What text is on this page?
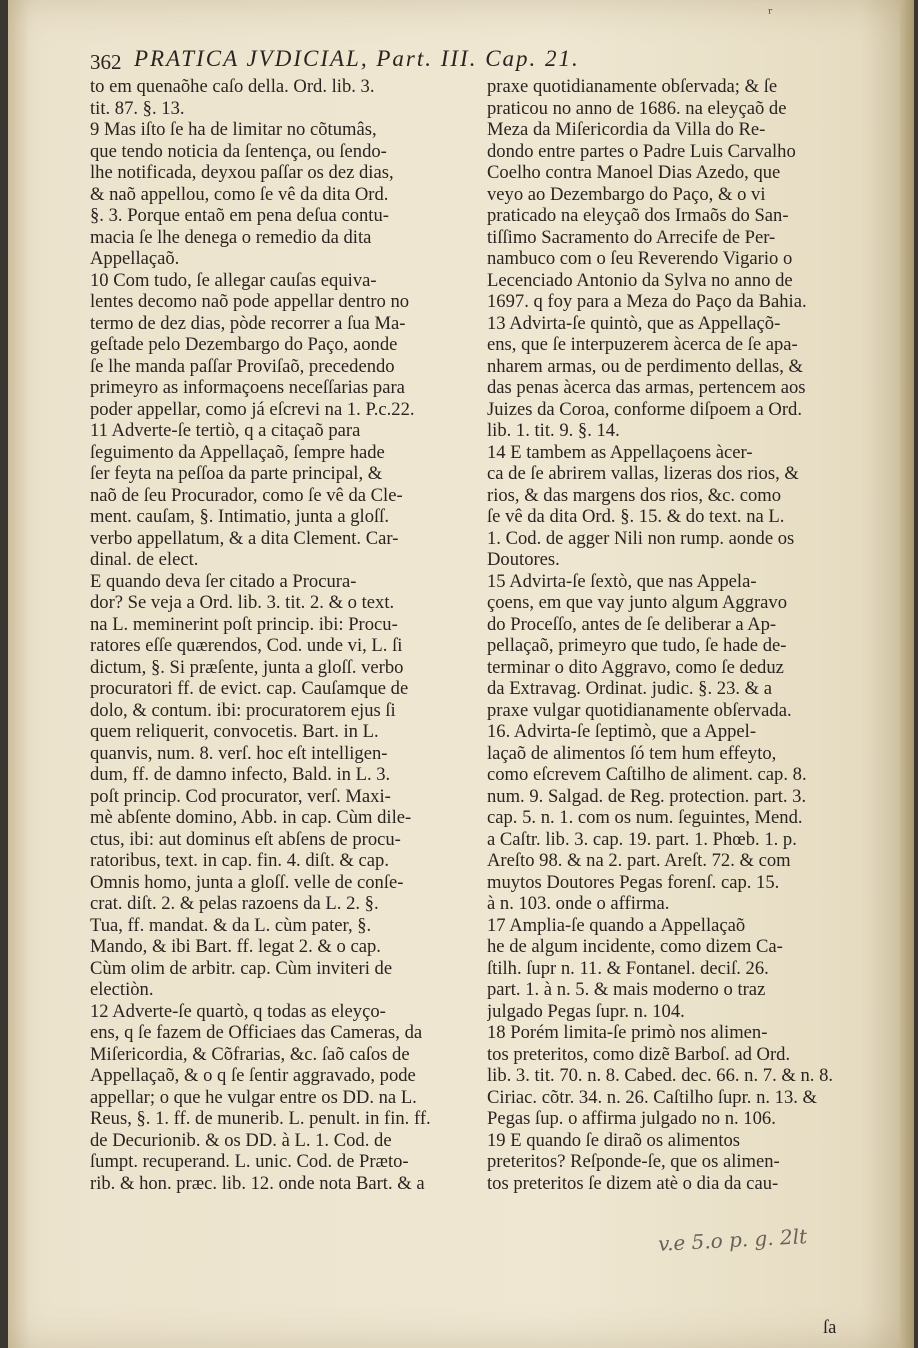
ʳ
362 PRATICA JVDICIAL, Part. III. Cap. 21.
to em quenaõhe caſo della. Ord. lib. 3.
tit. 87. §. 13.
9 Mas iſto ſe ha de limitar no cõtumâs,
que tendo noticia da ſentença, ou ſendo-
lhe notificada, deyxou paſſar os dez dias,
& naõ appellou, como ſe vê da dita Ord.
§. 3. Porque entaõ em pena deſua contu-
macia ſe lhe denega o remedio da dita
Appellaçaõ.
10 Com tudo, ſe allegar cauſas equiva-
lentes decomo naõ pode appellar dentro no
termo de dez dias, pòde recorrer a ſua Ma-
geſtade pelo Dezembargo do Paço, aonde
ſe lhe manda paſſar Proviſaõ, precedendo
primeyro as informaçoens neceſſarias para
poder appellar, como já eſcrevi na 1. P.c.22.
11 Adverte-ſe tertiò, q a citaçaõ para
ſeguimento da Appellaçaõ, ſempre hade
ſer feyta na peſſoa da parte principal, &
naõ de ſeu Procurador, como ſe vê da Cle-
ment. cauſam, §. Intimatio, junta a gloſſ.
verbo appellatum, & a dita Clement. Car-
dinal. de elect.
E quando deva ſer citado a Procura-
dor? Se veja a Ord. lib. 3. tit. 2. & o text.
na L. meminerint poſt princip. ibi: Procu-
ratores eſſe quærendos, Cod. unde vi, L. ſi
dictum, §. Si præſente, junta a gloſſ. verbo
procuratori ff. de evict. cap. Cauſamque de
dolo, & contum. ibi: procuratorem ejus ſi
quem reliquerit, convocetis. Bart. in L.
quanvis, num. 8. verſ. hoc eſt intelligen-
dum, ff. de damno infecto, Bald. in L. 3.
poſt princip. Cod procurator, verſ. Maxi-
mè abſente domino, Abb. in cap. Cùm dile-
ctus, ibi: aut dominus eſt abſens de procu-
ratoribus, text. in cap. fin. 4. diſt. & cap.
Omnis homo, junta a gloſſ. velle de conſe-
crat. diſt. 2. & pelas razoens da L. 2. §.
Tua, ff. mandat. & da L. cùm pater, §.
Mando, & ibi Bart. ff. legat 2. & o cap.
Cùm olim de arbitr. cap. Cùm inviteri de
electiòn.
12 Adverte-ſe quartò, q todas as eleyço-
ens, q ſe fazem de Officiaes das Cameras, da
Miſericordia, & Cõfrarias, &c. ſaõ caſos de
Appellaçaõ, & o q ſe ſentir aggravado, pode
appellar; o que he vulgar entre os DD. na L.
Reus, §. 1. ff. de munerib. L. penult. in fin. ff.
de Decurionib. & os DD. à L. 1. Cod. de
ſumpt. recuperand. L. unic. Cod. de Præto-
rib. & hon. præc. lib. 12. onde nota Bart. & a
praxe quotidianamente obſervada; & ſe
praticou no anno de 1686. na eleyçaõ de
Meza da Miſericordia da Villa do Re-
dondo entre partes o Padre Luis Carvalho
Coelho contra Manoel Dias Azedo, que
veyo ao Dezembargo do Paço, & o vi
praticado na eleyçaõ dos Irmaõs do San-
tiſſimo Sacramento do Arrecife de Per-
nambuco com o ſeu Reverendo Vigario o
Lecenciado Antonio da Sylva no anno de
1697. q foy para a Meza do Paço da Bahia.
13 Advirta-ſe quintò, que as Appellaçõ-
ens, que ſe interpuzerem àcerca de ſe apa-
nharem armas, ou de perdimento dellas, &
das penas àcerca das armas, pertencem aos
Juizes da Coroa, conforme diſpoem a Ord.
lib. 1. tit. 9. §. 14.
14 E tambem as Appellaçoens àcer-
ca de ſe abrirem vallas, lizeras dos rios, &
rios, & das margens dos rios, &c. como
ſe vê da dita Ord. §. 15. & do text. na L.
1. Cod. de agger Nili non rump. aonde os
Doutores.
15 Advirta-ſe ſextò, que nas Appela-
çoens, em que vay junto algum Aggravo
do Proceſſo, antes de ſe deliberar a Ap-
pellaçaõ, primeyro que tudo, ſe hade de-
terminar o dito Aggravo, como ſe deduz
da Extravag. Ordinat. judic. §. 23. & a
praxe vulgar quotidianamente obſervada.
16. Advirta-ſe ſeptimò, que a Appel-
laçaõ de alimentos ſó tem hum effeyto,
como eſcrevem Caſtilho de aliment. cap. 8.
num. 9. Salgad. de Reg. protection. part. 3.
cap. 5. n. 1. com os num. ſeguintes, Mend.
a Caſtr. lib. 3. cap. 19. part. 1. Phœb. 1. p.
Areſto 98. & na 2. part. Areſt. 72. & com
muytos Doutores Pegas forenſ. cap. 15.
à n. 103. onde o affirma.
17 Amplia-ſe quando a Appellaçaõ
he de algum incidente, como dizem Ca-
ſtilh. ſupr n. 11. & Fontanel. deciſ. 26.
part. 1. à n. 5. & mais moderno o traz
julgado Pegas ſupr. n. 104.
18 Porém limita-ſe primò nos alimen-
tos preteritos, como dizẽ Barboſ. ad Ord.
lib. 3. tit. 70. n. 8. Cabed. dec. 66. n. 7. & n. 8.
Ciriac. cõtr. 34. n. 26. Caſtilho ſupr. n. 13. &
Pegas ſup. o affirma julgado no n. 106.
19 E quando ſe diraõ os alimentos
preteritos? Reſponde-ſe, que os alimen-
tos preteritos ſe dizem atè o dia da cau-
ſa
v.e 5.o p. g. 2lt
